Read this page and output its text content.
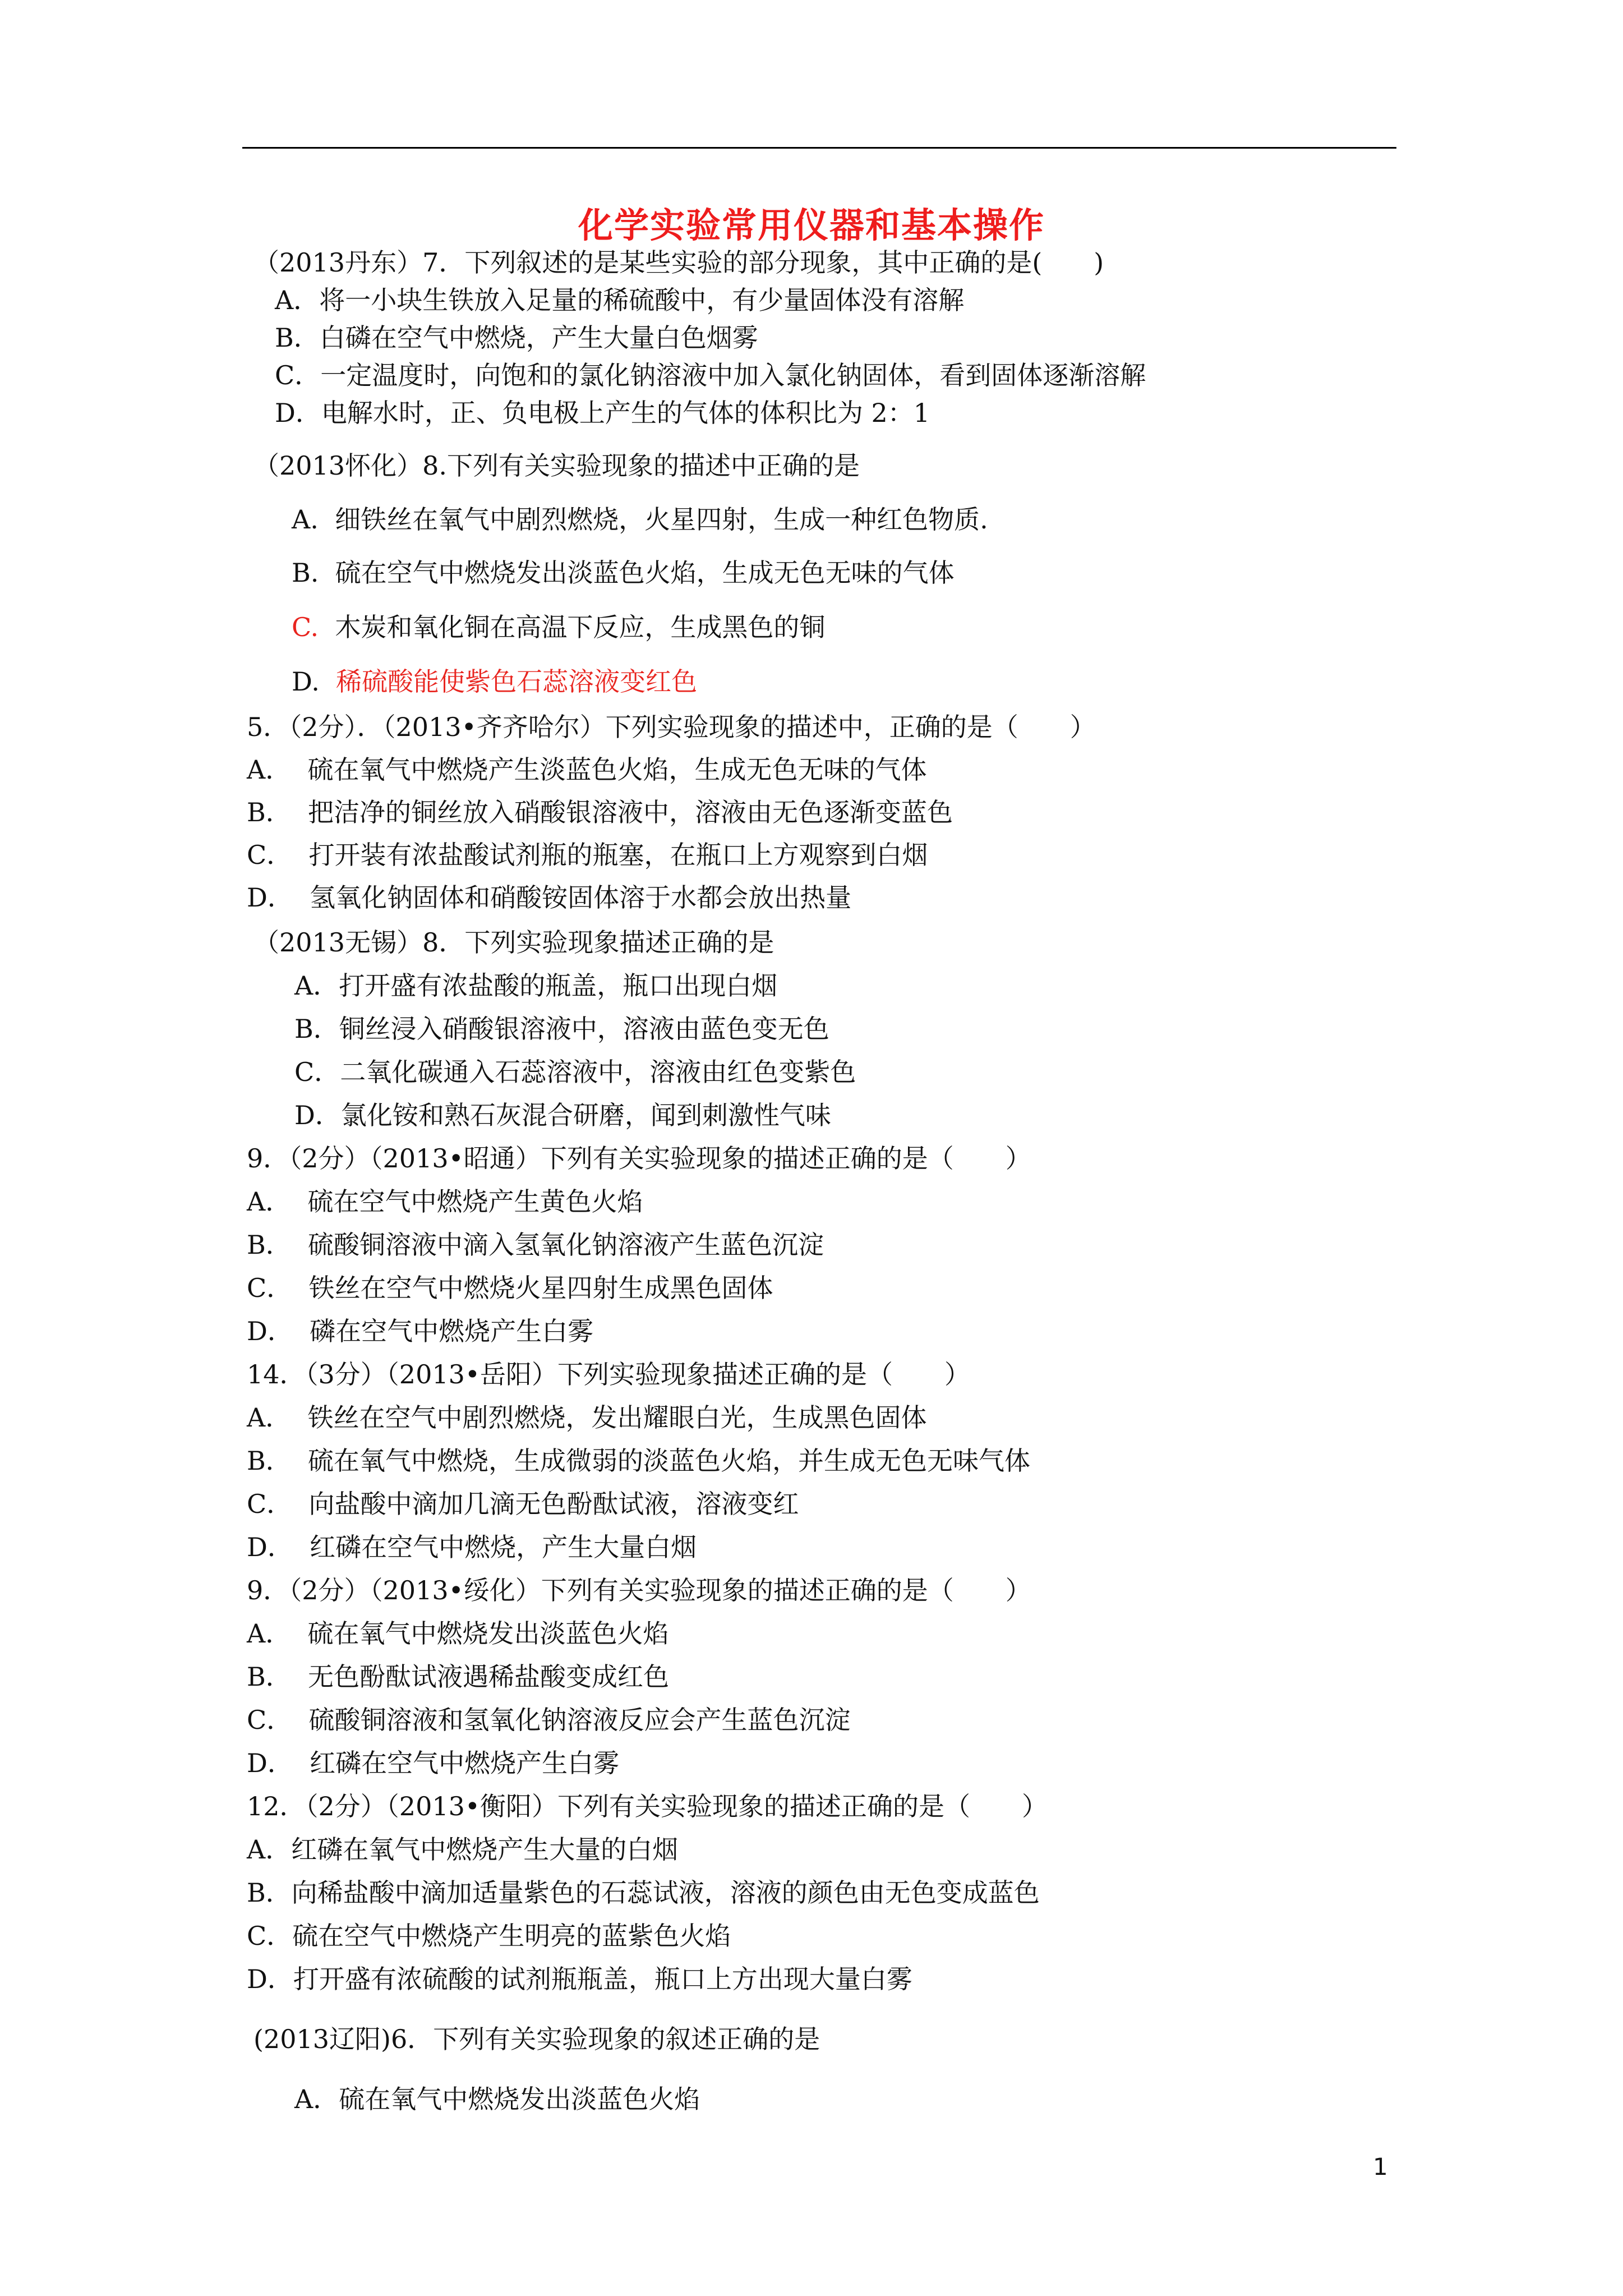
化学实验常用仪器和基本操作
（2013丹东）7．下列叙述的是某些实验的部分现象，其中正确的是(　　)
A．将一小块生铁放入足量的稀硫酸中，有少量固体没有溶解
B．白磷在空气中燃烧，产生大量白色烟雾
C．一定温度时，向饱和的氯化钠溶液中加入氯化钠固体，看到固体逐渐溶解
D．电解水时，正、负电极上产生的气体的体积比为 2：1
（2013怀化）8.下列有关实验现象的描述中正确的是
A.  细铁丝在氧气中剧烈燃烧，火星四射，生成一种红色物质.
B.  硫在空气中燃烧发出淡蓝色火焰，生成无色无味的气体
C.  木炭和氧化铜在高温下反应，生成黑色的铜
D.  稀硫酸能使紫色石蕊溶液变红色
5．（2分）．（2013•齐齐哈尔）下列实验现象的描述中，正确的是（　　）
A．  硫在氧气中燃烧产生淡蓝色火焰，生成无色无味的气体
B．  把洁净的铜丝放入硝酸银溶液中，溶液由无色逐渐变蓝色
C．  打开装有浓盐酸试剂瓶的瓶塞，在瓶口上方观察到白烟
D．  氢氧化钠固体和硝酸铵固体溶于水都会放出热量
（2013无锡）8．下列实验现象描述正确的是
A．打开盛有浓盐酸的瓶盖，瓶口出现白烟
B．铜丝浸入硝酸银溶液中，溶液由蓝色变无色
C．二氧化碳通入石蕊溶液中，溶液由红色变紫色
D．氯化铵和熟石灰混合研磨，闻到刺激性气味
9．（2分）（2013•昭通）下列有关实验现象的描述正确的是（　　）
A．  硫在空气中燃烧产生黄色火焰
B．  硫酸铜溶液中滴入氢氧化钠溶液产生蓝色沉淀
C．  铁丝在空气中燃烧火星四射生成黑色固体
D．  磷在空气中燃烧产生白雾
14．（3分）（2013•岳阳）下列实验现象描述正确的是（　　）
A．  铁丝在空气中剧烈燃烧，发出耀眼白光，生成黑色固体
B．  硫在氧气中燃烧，生成微弱的淡蓝色火焰，并生成无色无味气体
C．  向盐酸中滴加几滴无色酚酞试液，溶液变红
D．  红磷在空气中燃烧，产生大量白烟
9．（2分）（2013•绥化）下列有关实验现象的描述正确的是（　　）
A．  硫在氧气中燃烧发出淡蓝色火焰
B．  无色酚酞试液遇稀盐酸变成红色
C．  硫酸铜溶液和氢氧化钠溶液反应会产生蓝色沉淀
D．  红磷在空气中燃烧产生白雾
12．（2分）（2013•衡阳）下列有关实验现象的描述正确的是（　　）
A．红磷在氧气中燃烧产生大量的白烟
B．向稀盐酸中滴加适量紫色的石蕊试液，溶液的颜色由无色变成蓝色
C．硫在空气中燃烧产生明亮的蓝紫色火焰
D．打开盛有浓硫酸的试剂瓶瓶盖，瓶口上方出现大量白雾
(2013辽阳)6．下列有关实验现象的叙述正确的是
A．硫在氧气中燃烧发出淡蓝色火焰
1
